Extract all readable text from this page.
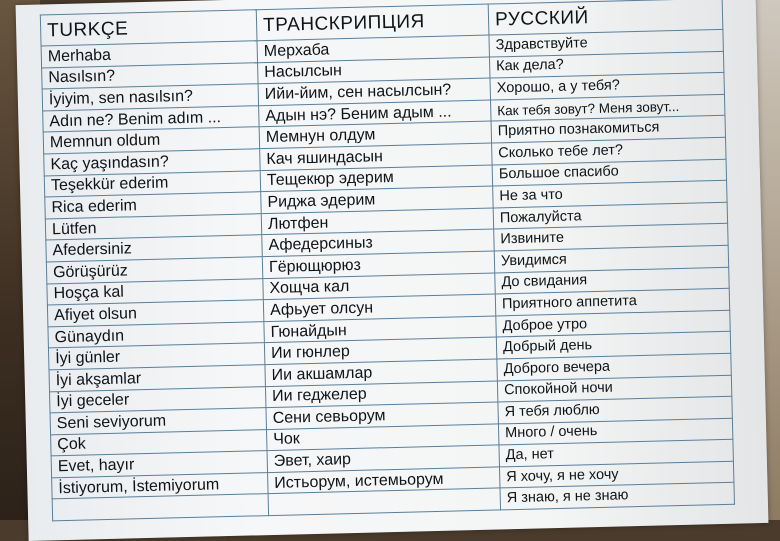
TURKÇE	ТРАНСКРИПЦИЯ	РУССКИЙ
Merhaba	Мерхаба	Здравствуйте
Nasılsın?	Насылсын	Как дела?
İyiyim, sen nasılsın?	Ийи-йим, сен насылсын?	Хорошо, а у тебя?
Adın ne? Benim adım ...	Адын нэ? Беним адым ...	Как тебя зовут? Меня зовут...
Memnun oldum	Мемнун олдум	Приятно познакомиться
Kaç yaşındasın?	Кач яшиндасын	Сколько тебе лет?
Teşekkür ederim	Тещекюр эдерим	Большое спасибо
Rica ederim	Риджа эдерим	Не за что
Lütfen	Лютфен	Пожалуйста
Afedersiniz	Афедерсиныз	Извините
Görüşürüz	Гёрющюрюз	Увидимся
Hoşça kal	Хощча кал	До свидания
Afiyet olsun	Афьует олсун	Приятного аппетита
Günaydın	Гюнайдын	Доброе утро
İyi günler	Ии гюнлер	Добрый день
İyi akşamlar	Ии акшамлар	Доброго вечера
İyi geceler	Ии геджелер	Спокойной ночи
Seni seviyorum	Сени севьорум	Я тебя люблю
Çok	Чок	Много / очень
Evet, hayır	Эвет, хаир	Да, нет
İstiyorum, İstemiyorum	Истьорум, истемьорум	Я хочу, я не хочу
		Я знаю, я не знаю
